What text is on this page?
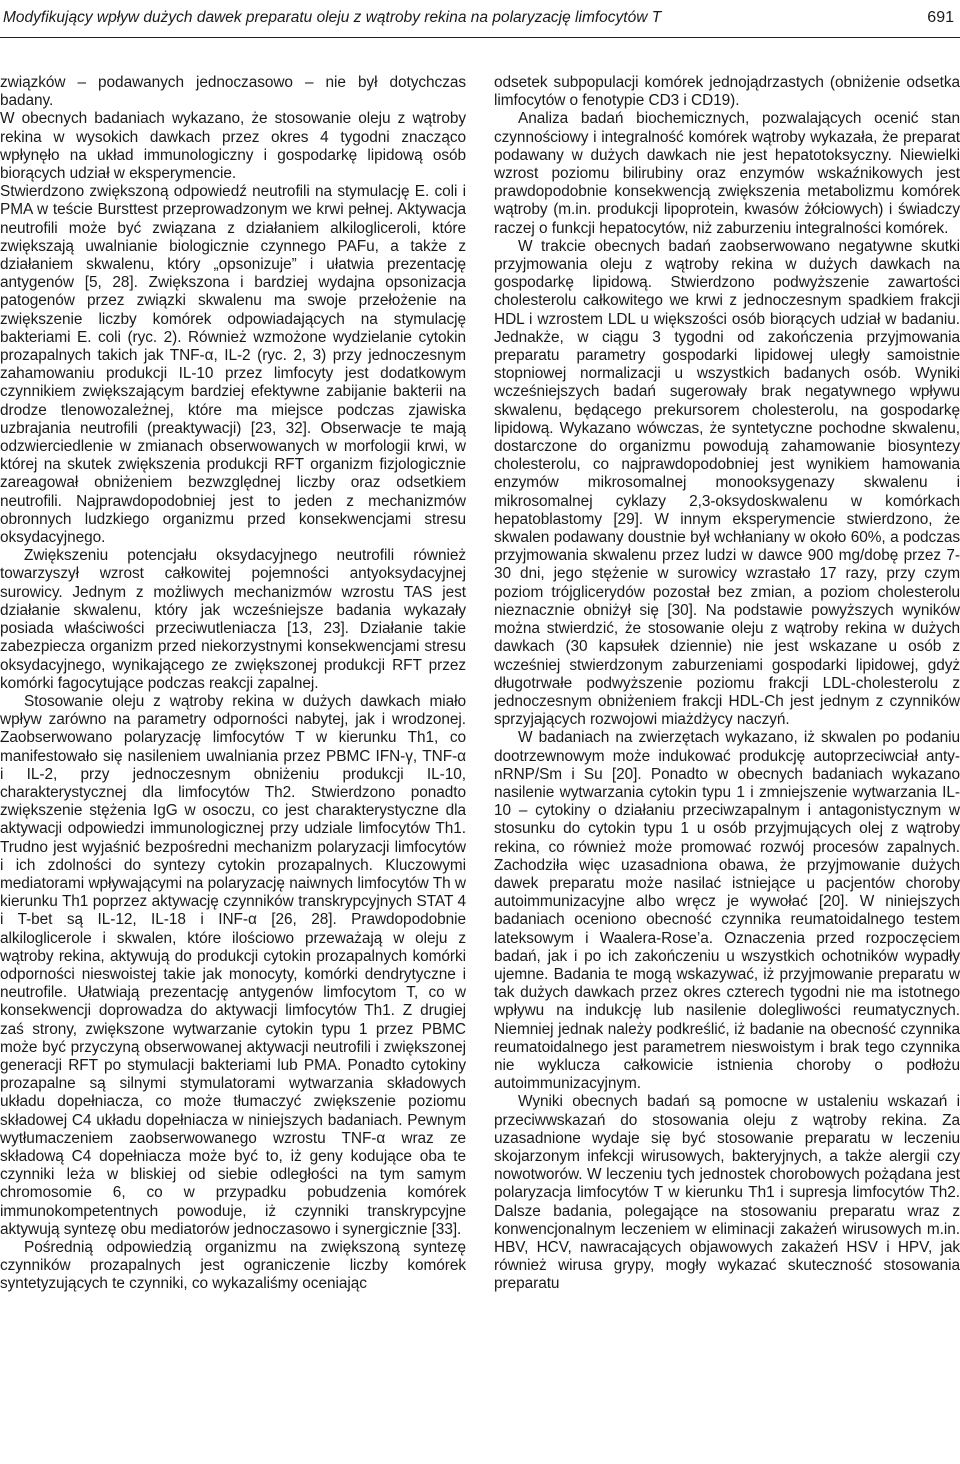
Modyfikujący wpływ dużych dawek preparatu oleju z wątroby rekina na polaryzację limfocytów T	691

związków – podawanych jednoczasowo – nie był dotychczas badany.

W obecnych badaniach wykazano, że stosowanie oleju z wątroby rekina w wysokich dawkach przez okres 4 tygodni znacząco wpłynęło na układ immunologiczny i gospodarkę lipidową osób biorących udział w eksperymencie.

Stwierdzono zwiększoną odpowiedź neutrofili na stymulację E. coli i PMA w teście Bursttest przeprowadzonym we krwi pełnej. Aktywacja neutrofili może być związana z działaniem alkiloglicerolі, które zwiększają uwalnianie biologicznie czynnego PAFu, a także z działaniem skwalenu, który „opsonizuje” i ułatwia prezentację antygenów [5, 28]. Zwiększona i bardziej wydajna opsonizacja patogenów przez związki skwalenu ma swoje przełożenie na zwiększenie liczby komórek odpowiadających na stymulację bakteriami E. coli (ryc. 2). Również wzmożone wydzielanie cytokin prozapalnych takich jak TNF-α, IL-2 (ryc. 2, 3) przy jednoczesnym zahamowaniu produkcji IL-10 przez limfocyty jest dodatkowym czynnikiem zwiększającym bardziej efektywne zabijanie bakterii na drodze tlenowozależnej, które ma miejsce podczas zjawiska uzbrajania neutrofili (preaktywacji) [23, 32]. Obserwacje te mają odzwierciedlenie w zmianach obserwowanych w morfologii krwi, w której na skutek zwiększenia produkcji RFT organizm fizjologicznie zareagował obniżeniem bezwzględnej liczby oraz odsetkiem neutrofili. Najprawdopodobniej jest to jeden z mechanizmów obronnych ludzkiego organizmu przed konsekwencjami stresu oksydacyjnego.

Zwiększeniu potencjału oksydacyjnego neutrofili również towarzyszył wzrost całkowitej pojemności antyoksydacyjnej surowicy. Jednym z możliwych mechanizmów wzrostu TAS jest działanie skwalenu, który jak wcześniejsze badania wykazały posiada właściwości przeciwutleniacza [13, 23]. Działanie takie zabezpiecza organizm przed niekorzystnymi konsekwencjami stresu oksydacyjnego, wynikającego ze zwiększonej produkcji RFT przez komórki fagocytujące podczas reakcji zapalnej.

Stosowanie oleju z wątroby rekina w dużych dawkach miało wpływ zarówno na parametry odporności nabytej, jak i wrodzonej. Zaobserwowano polaryzację limfocytów T w kierunku Th1, co manifestowało się nasileniem uwalniania przez PBMC IFN-γ, TNF-α i IL-2, przy jednoczesnym obniżeniu produkcji IL-10, charakterystycznej dla limfocytów Th2. Stwierdzono ponadto zwiększenie stężenia IgG w osoczu, co jest charakterystyczne dla aktywacji odpowiedzi immunologicznej przy udziale limfocytów Th1. Trudno jest wyjaśnić bezpośredni mechanizm polaryzacji limfocytów i ich zdolności do syntezy cytokin prozapalnych. Kluczowymi mediatorami wpływającymi na polaryzację naiwnych limfocytów Th w kierunku Th1 poprzez aktywację czynników transkrypcyjnych STAT 4 i T-bet są IL-12, IL-18 i INF-α [26, 28]. Prawdopodobnie alkiloglicerole i skwalen, które ilościowo przeważają w oleju z wątroby rekina, aktywują do produkcji cytokin prozapalnych komórki odporności nieswoistej takie jak monocyty, komórki dendrytyczne i neutrofile. Ułatwiają prezentację antygenów limfocytom T, co w konsekwencji doprowadza do aktywacji limfocytów Th1. Z drugiej zaś strony, zwiększone wytwarzanie cytokin typu 1 przez PBMC może być przyczyną obserwowanej aktywacji neutrofili i zwiększonej generacji RFT po stymulacji bakteriami lub PMA. Ponadto cytokiny prozapalne są silnymi stymulatorami wytwarzania składowych układu dopełniacza, co może tłumaczyć zwiększenie poziomu składowej C4 układu dopełniacza w niniejszych badaniach. Pewnym wytłumaczeniem zaobserwowanego wzrostu TNF-α wraz ze składową C4 dopełniacza może być to, iż geny kodujące oba te czynniki leża w bliskiej od siebie odległości na tym samym chromosomie 6, co w przypadku pobudzenia komórek immunokompetentnych powoduje, iż czynniki transkrypcyjne aktywują syntezę obu mediatorów jednoczasowo i synergicznie [33].

Pośrednią odpowiedzią organizmu na zwiększoną syntezę czynników prozapalnych jest ograniczenie liczby komórek syntetyzujących te czynniki, co wykazaliśmy oceniając

odsetek subpopulacji komórek jednojądrzastych (obniżenie odsetka limfocytów o fenotypie CD3 i CD19).

Analiza badań biochemicznych, pozwalających ocenić stan czynnościowy i integralność komórek wątroby wykazała, że preparat podawany w dużych dawkach nie jest hepatotoksyczny. Niewielki wzrost poziomu bilirubiny oraz enzymów wskaźnikowych jest prawdopodobnie konsekwencją zwiększenia metabolizmu komórek wątroby (m.in. produkcji lipoprotein, kwasów żółciowych) i świadczy raczej o funkcji hepatocytów, niż zaburzeniu integralności komórek.

W trakcie obecnych badań zaobserwowano negatywne skutki przyjmowania oleju z wątroby rekina w dużych dawkach na gospodarkę lipidową. Stwierdzono podwyższenie zawartości cholesterolu całkowitego we krwi z jednoczesnym spadkiem frakcji HDL i wzrostem LDL u większości osób biorących udział w badaniu. Jednakże, w ciągu 3 tygodni od zakończenia przyjmowania preparatu parametry gospodarki lipidowej uległy samoistnie stopniowej normalizacji u wszystkich badanych osób. Wyniki wcześniejszych badań sugerowały brak negatywnego wpływu skwalenu, będącego prekursorem cholesterolu, na gospodarkę lipidową. Wykazano wówczas, że syntetyczne pochodne skwalenu, dostarczone do organizmu powodują zahamowanie biosyntezy cholesterolu, co najprawdopodobniej jest wynikiem hamowania enzymów mikrosomalnej monooksygenazy skwalenu i mikrosomalnej cyklazy 2,3-oksydoskwalenu w komórkach hepatoblastomy [29]. W innym eksperymencie stwierdzono, że skwalen podawany doustnie był wchłaniany w około 60%, a podczas przyjmowania skwalenu przez ludzi w dawce 900 mg/dobę przez 7-30 dni, jego stężenie w surowicy wzrastało 17 razy, przy czym poziom trójglicerydów pozostał bez zmian, a poziom cholesterolu nieznacznie obniżył się [30]. Na podstawie powyższych wyników można stwierdzić, że stosowanie oleju z wątroby rekina w dużych dawkach (30 kapsułek dziennie) nie jest wskazane u osób z wcześniej stwierdzonym zaburzeniami gospodarki lipidowej, gdyż długotrwałe podwyższenie poziomu frakcji LDL-cholesterolu z jednoczesnym obniżeniem frakcji HDL-Ch jest jednym z czynników sprzyjających rozwojowi miażdżycy naczyń.

W badaniach na zwierzętach wykazano, iż skwalen po podaniu dootrzewnowym może indukować produkcję autoprzeciwciał anty-nRNP/Sm i Su [20]. Ponadto w obecnych badaniach wykazano nasilenie wytwarzania cytokin typu 1 i zmniejszenie wytwarzania IL-10 – cytokiny o działaniu przeciwzapalnym i antagonistycznym w stosunku do cytokin typu 1 u osób przyjmujących olej z wątroby rekina, co również może promować rozwój procesów zapalnych. Zachodziła więc uzasadniona obawa, że przyjmowanie dużych dawek preparatu może nasilać istniejące u pacjentów choroby autoimmunizacyjne albo wręcz je wywołać [20]. W niniejszych badaniach oceniono obecność czynnika reumatoidalnego testem lateksowym i Waalera-Rose’a. Oznaczenia przed rozpoczęciem badań, jak i po ich zakończeniu u wszystkich ochotników wypadły ujemne. Badania te mogą wskazywać, iż przyjmowanie preparatu w tak dużych dawkach przez okres czterech tygodni nie ma istotnego wpływu na indukcję lub nasilenie dolegliwości reumatycznych. Niemniej jednak należy podkreślić, iż badanie na obecność czynnika reumatoidalnego jest parametrem nieswoistym i brak tego czynnika nie wyklucza całkowicie istnienia choroby o podłożu autoimmunizacyjnym.

Wyniki obecnych badań są pomocne w ustaleniu wskazań i przeciwwskazań do stosowania oleju z wątroby rekina. Za uzasadnione wydaje się być stosowanie preparatu w leczeniu skojarzonym infekcji wirusowych, bakteryjnych, a także alergii czy nowotworów. W leczeniu tych jednostek chorobowych pożądana jest polaryzacja limfocytów T w kierunku Th1 i supresja limfocytów Th2. Dalsze badania, polegające na stosowaniu preparatu wraz z konwencjonalnym leczeniem w eliminacji zakażeń wirusowych m.in. HBV, HCV, nawracających objawowych zakażeń HSV i HPV, jak również wirusa grypy, mogły wykazać skuteczność stosowania preparatu
